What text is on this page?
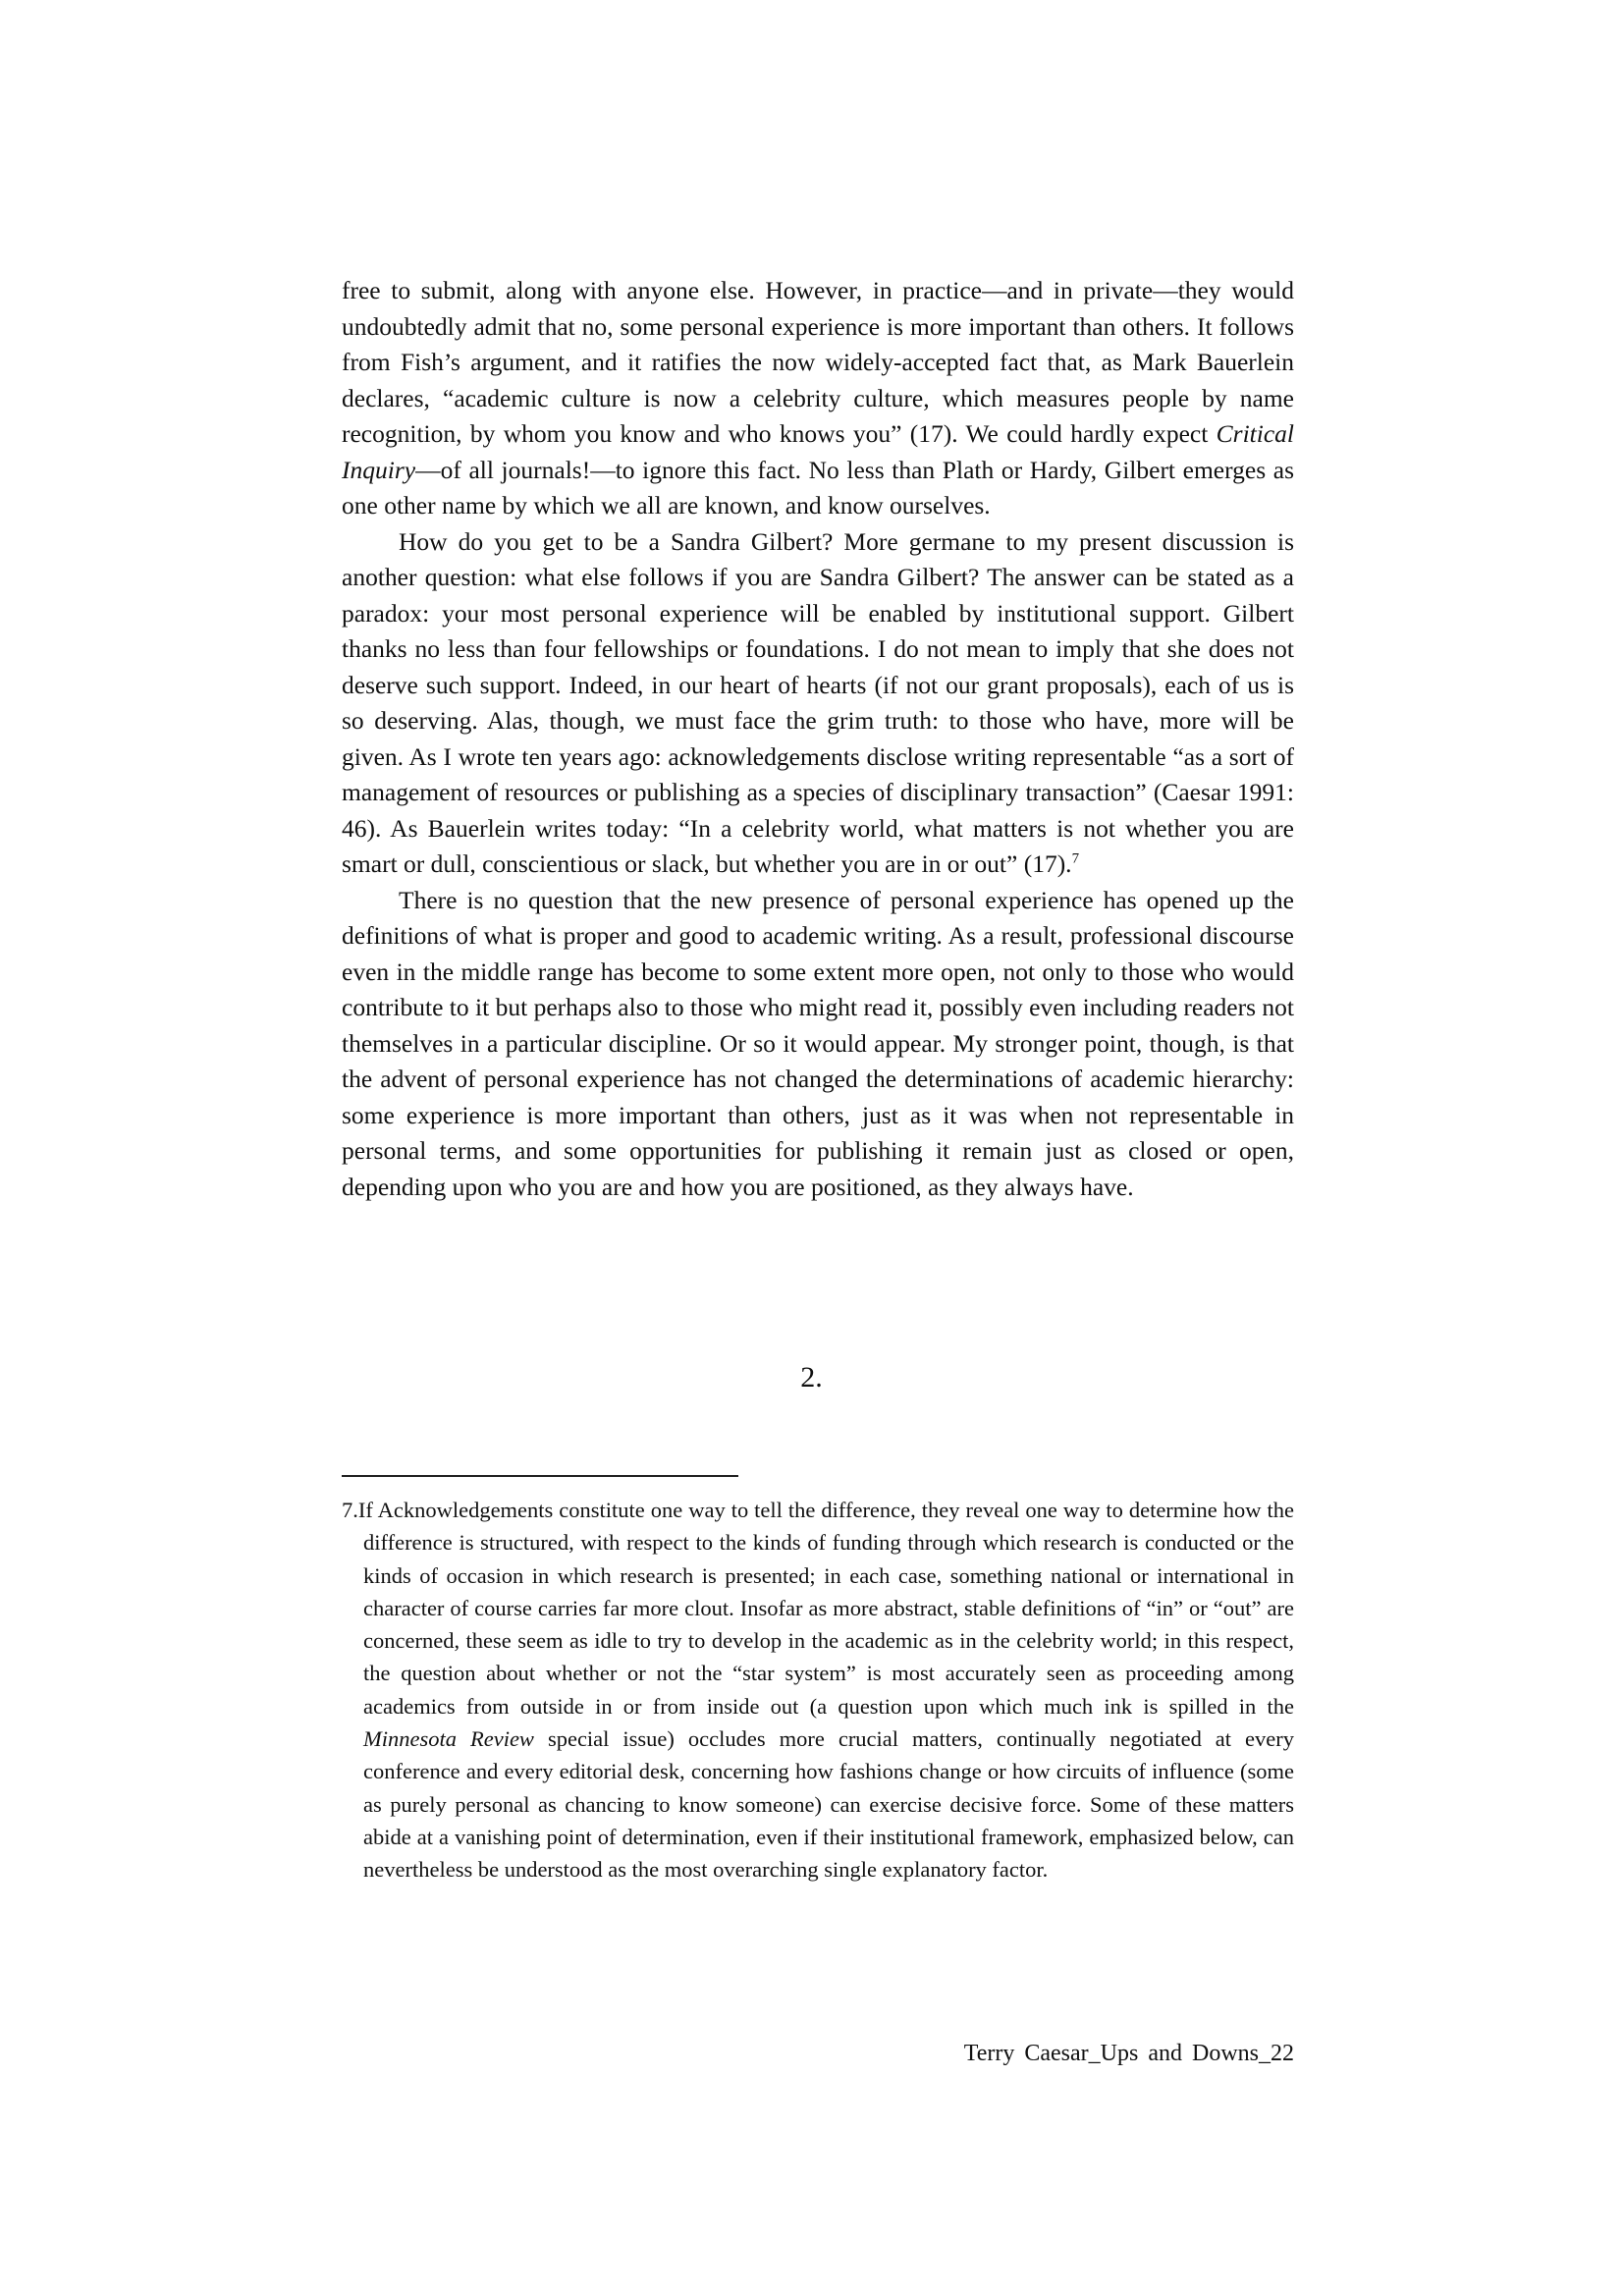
free to submit, along with anyone else. However, in practice—and in private—they would undoubtedly admit that no, some personal experience is more important than others. It follows from Fish’s argument, and it ratifies the now widely-accepted fact that, as Mark Bauerlein declares, “academic culture is now a celebrity culture, which measures people by name recognition, by whom you know and who knows you” (17). We could hardly expect Critical Inquiry—of all journals!—to ignore this fact. No less than Plath or Hardy, Gilbert emerges as one other name by which we all are known, and know ourselves.

How do you get to be a Sandra Gilbert? More germane to my present discussion is another question: what else follows if you are Sandra Gilbert? The answer can be stated as a paradox: your most personal experience will be enabled by institutional support. Gilbert thanks no less than four fellowships or foundations. I do not mean to imply that she does not deserve such support. Indeed, in our heart of hearts (if not our grant proposals), each of us is so deserving. Alas, though, we must face the grim truth: to those who have, more will be given. As I wrote ten years ago: acknowledgements disclose writing representable “as a sort of management of resources or publishing as a species of disciplinary transaction” (Caesar 1991: 46). As Bauerlein writes today: “In a celebrity world, what matters is not whether you are smart or dull, conscientious or slack, but whether you are in or out” (17).$^7$

There is no question that the new presence of personal experience has opened up the definitions of what is proper and good to academic writing. As a result, professional discourse even in the middle range has become to some extent more open, not only to those who would contribute to it but perhaps also to those who might read it, possibly even including readers not themselves in a particular discipline. Or so it would appear. My stronger point, though, is that the advent of personal experience has not changed the determinations of academic hierarchy: some experience is more important than others, just as it was when not representable in personal terms, and some opportunities for publishing it remain just as closed or open, depending upon who you are and how you are positioned, as they always have.

2.
7.If Acknowledgements constitute one way to tell the difference, they reveal one way to determine how the difference is structured, with respect to the kinds of funding through which research is conducted or the kinds of occasion in which research is presented; in each case, something national or international in character of course carries far more clout. Insofar as more abstract, stable definitions of “in” or “out” are concerned, these seem as idle to try to develop in the academic as in the celebrity world; in this respect, the question about whether or not the “star system” is most accurately seen as proceeding among academics from outside in or from inside out (a question upon which much ink is spilled in the Minnesota Review special issue) occludes more crucial matters, continually negotiated at every conference and every editorial desk, concerning how fashions change or how circuits of influence (some as purely personal as chancing to know someone) can exercise decisive force. Some of these matters abide at a vanishing point of determination, even if their institutional framework, emphasized below, can nevertheless be understood as the most overarching single explanatory factor.
Terry Caesar_Ups and Downs_22
